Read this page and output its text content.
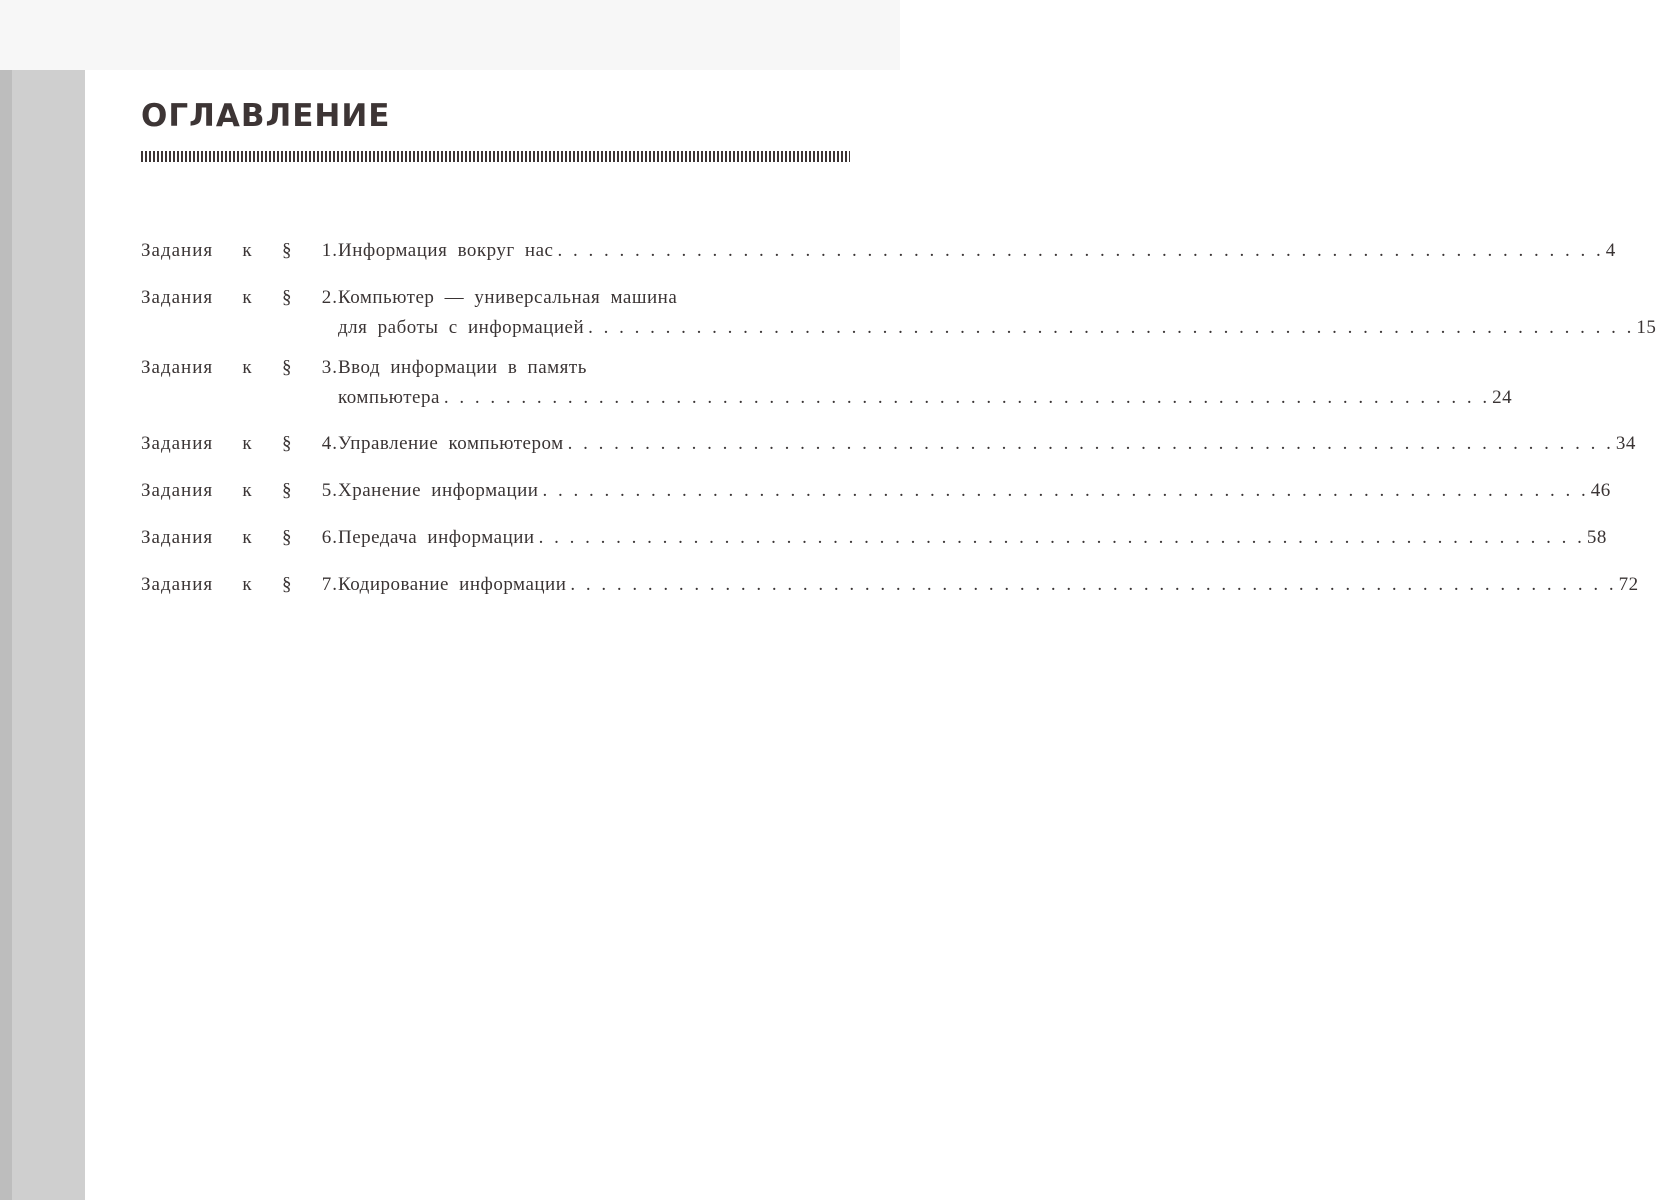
ОГЛАВЛЕНИЕ
Задания к § 1. Информация вокруг нас . . . . . . . . . . . . . . . . . . . . . . . . . . . . . . . . . . . . . . . . . . . . . . . . . . . . . . . . . . . . . . . . . . . . 4
Задания к § 2. Компьютер — универсальная машина
для работы с информацией . . . . . . . . . . . . . . . . . . . . . . . . . . . . . . . . . . . . . . . . . . . . . . . . . . . . . . . . . . . . . . . . . . . . 15
Задания к § 3. Ввод информации в память
компьютера . . . . . . . . . . . . . . . . . . . . . . . . . . . . . . . . . . . . . . . . . . . . . . . . . . . . . . . . . . . . . . . . . . . . 24
Задания к § 4. Управление компьютером . . . . . . . . . . . . . . . . . . . . . . . . . . . . . . . . . . . . . . . . . . . . . . . . . . . . . . . . . . . . . . . . . . . . 34
Задания к § 5. Хранение информации . . . . . . . . . . . . . . . . . . . . . . . . . . . . . . . . . . . . . . . . . . . . . . . . . . . . . . . . . . . . . . . . . . . . 46
Задания к § 6. Передача информации . . . . . . . . . . . . . . . . . . . . . . . . . . . . . . . . . . . . . . . . . . . . . . . . . . . . . . . . . . . . . . . . . . . . 58
Задания к § 7. Кодирование информации . . . . . . . . . . . . . . . . . . . . . . . . . . . . . . . . . . . . . . . . . . . . . . . . . . . . . . . . . . . . . . . . . . . . 72
